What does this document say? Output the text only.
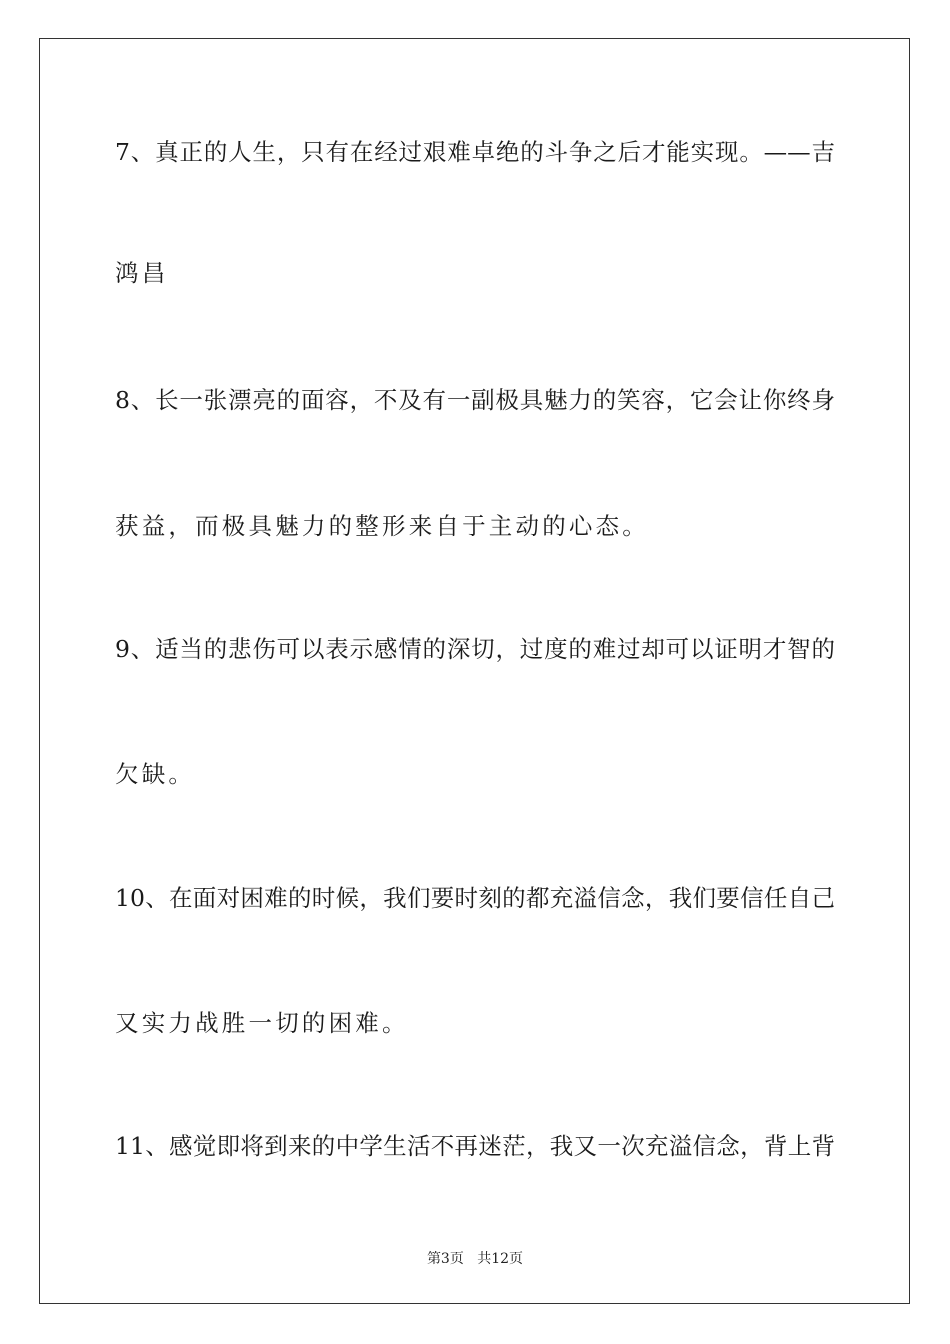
7、真正的人生，只有在经过艰难卓绝的斗争之后才能实现。——吉
鸿昌
8、长一张漂亮的面容，不及有一副极具魅力的笑容，它会让你终身
获益，而极具魅力的整形来自于主动的心态。
9、适当的悲伤可以表示感情的深切，过度的难过却可以证明才智的
欠缺。
10、在面对困难的时候，我们要时刻的都充溢信念，我们要信任自己
又实力战胜一切的困难。
11、感觉即将到来的中学生活不再迷茫，我又一次充溢信念，背上背
第3页 共12页
